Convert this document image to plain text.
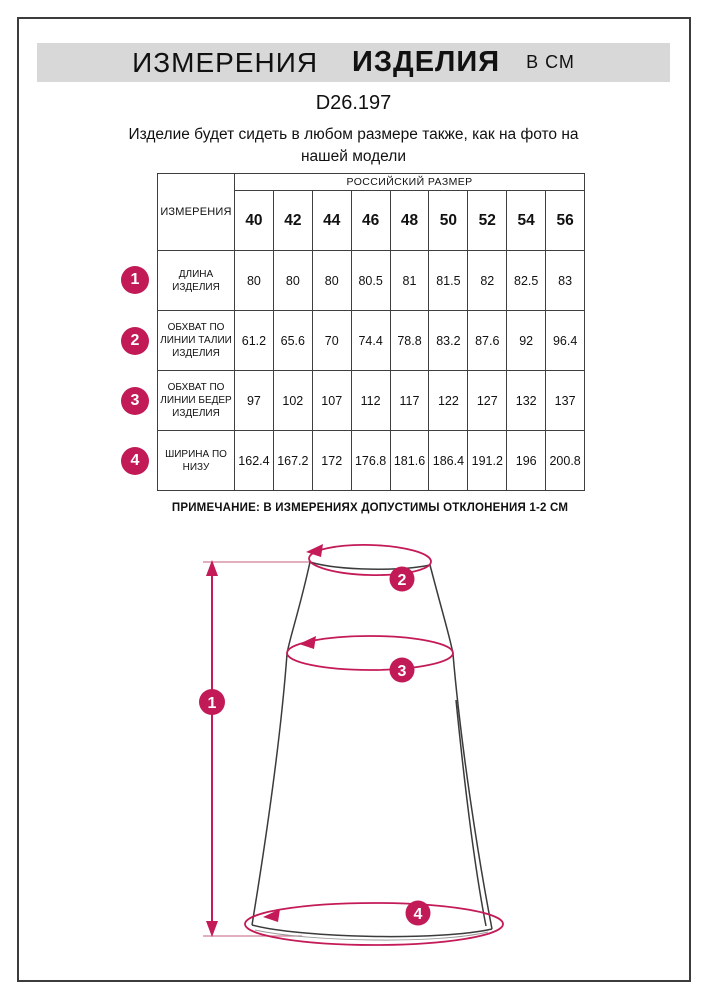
ИЗМЕРЕНИЯ ИЗДЕЛИЯ В СМ
D26.197
Изделие будет сидеть в любом размере также, как на фото на нашей модели
1
2
3
4
ИЗМЕРЕНИЯ	РОССИЙСКИЙ РАЗМЕР								
	40	42	44	46	48	50	52	54	56
ДЛИНА ИЗДЕЛИЯ	80	80	80	80.5	81	81.5	82	82.5	83
ОБХВАТ ПО ЛИНИИ ТАЛИИ ИЗДЕЛИЯ	61.2	65.6	70	74.4	78.8	83.2	87.6	92	96.4
ОБХВАТ ПО ЛИНИИ БЕДЕР ИЗДЕЛИЯ	97	102	107	112	117	122	127	132	137
ШИРИНА ПО НИЗУ	162.4	167.2	172	176.8	181.6	186.4	191.2	196	200.8
ПРИМЕЧАНИЕ: В ИЗМЕРЕНИЯХ ДОПУСТИМЫ ОТКЛОНЕНИЯ 1-2 СМ
1
2
3
4
